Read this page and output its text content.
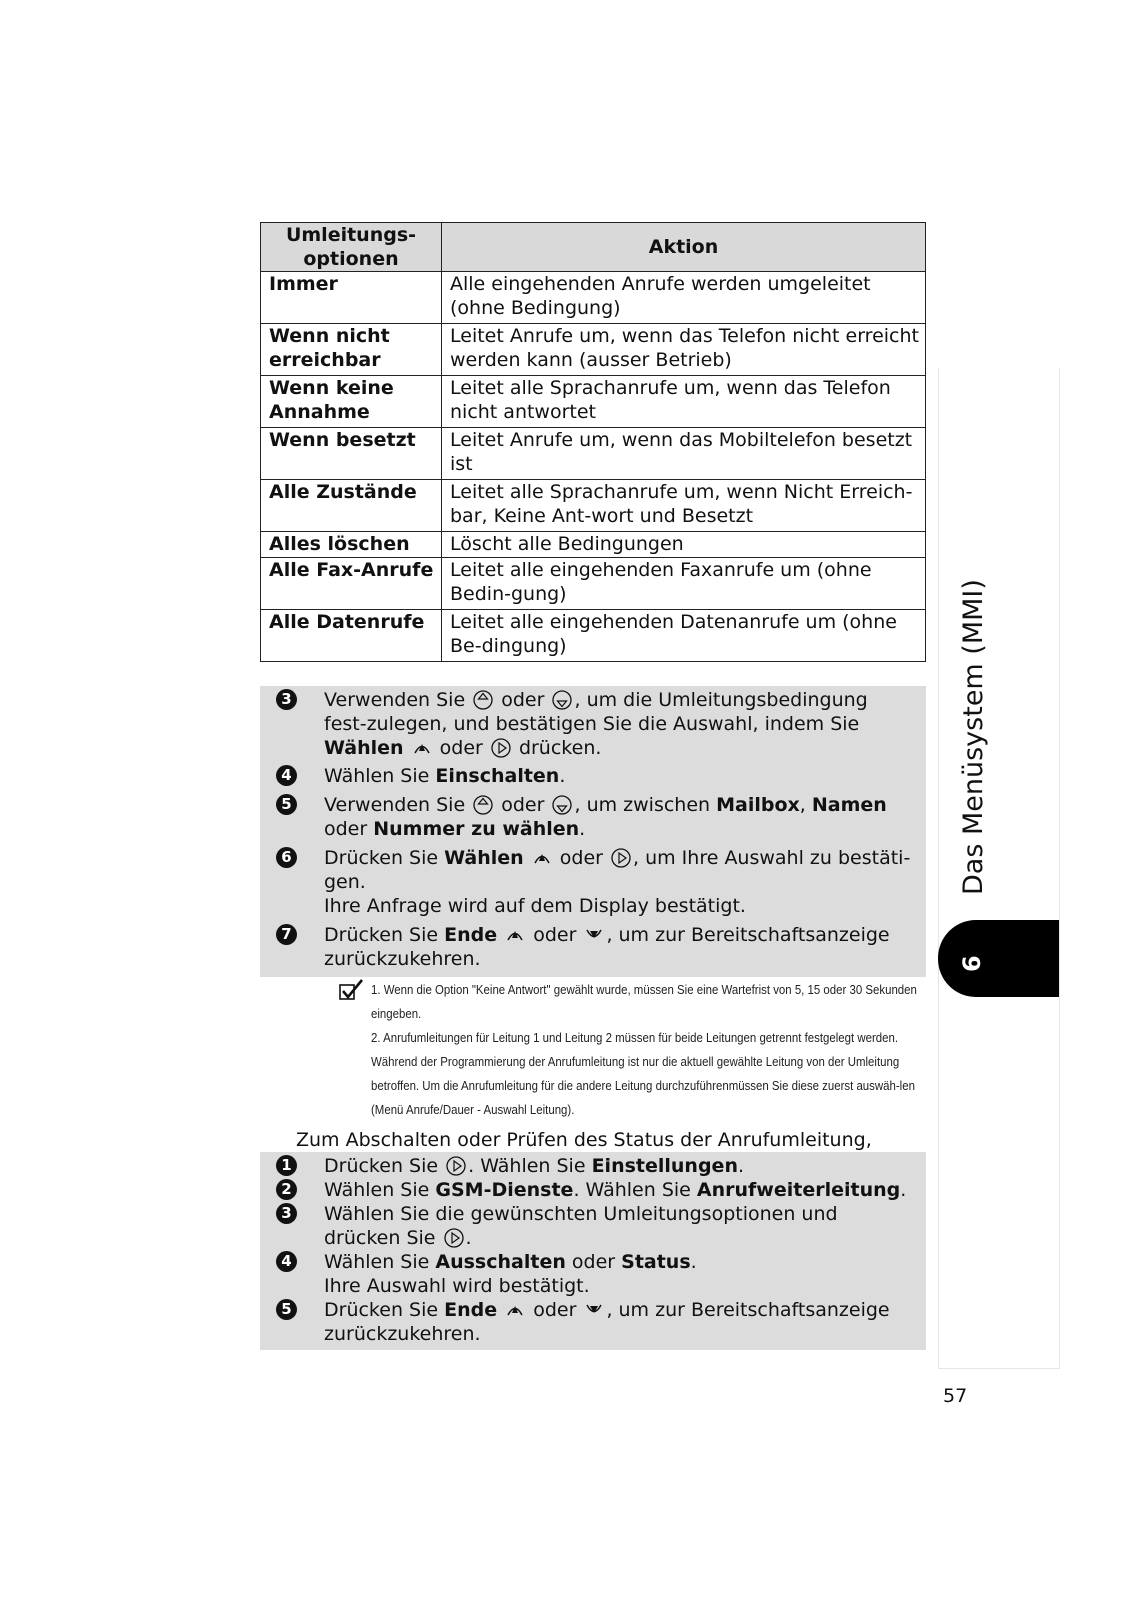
Umleitungs-optionen	Aktion
Immer	Alle eingehenden Anrufe werden umgeleitet (ohne Bedingung)
Wenn nicht erreichbar	Leitet Anrufe um, wenn das Telefon nicht erreicht werden kann (ausser Betrieb)
Wenn keine Annahme	Leitet alle Sprachanrufe um, wenn das Telefon nicht antwortet
Wenn besetzt	Leitet Anrufe um, wenn das Mobiltelefon besetzt ist
Alle Zustände	Leitet alle Sprachanrufe um, wenn Nicht Erreich-bar, Keine Ant-wort und Besetzt
Alles löschen	Löscht alle Bedingungen
Alle Fax-Anrufe	Leitet alle eingehenden Faxanrufe um (ohne Bedin-gung)
Alle Datenrufe	Leitet alle eingehenden Datenanrufe um (ohne Be-dingung)
3 Verwenden Sie oder , um die Umleitungsbedingung fest-zulegen, und bestätigen Sie die Auswahl, indem Sie Wählen oder drücken.
4 Wählen Sie Einschalten.
5 Verwenden Sie oder , um zwischen Mailbox, Namen oder Nummer zu wählen.
6 Drücken Sie Wählen oder , um Ihre Auswahl zu bestäti-gen.
Ihre Anfrage wird auf dem Display bestätigt.
7 Drücken Sie Ende oder , um zur Bereitschaftsanzeige zurückzukehren.
1. Wenn die Option "Keine Antwort" gewählt wurde, müssen Sie eine Wartefrist von 5, 15 oder 30 Sekunden eingeben.
2. Anrufumleitungen für Leitung 1 und Leitung 2 müssen für beide Leitungen getrennt festgelegt werden. Während der Programmierung der Anrufumleitung ist nur die aktuell gewählte Leitung von der Umleitung betroffen. Um die Anrufumleitung für die andere Leitung durchzuführenmüssen Sie diese zuerst auswäh-len (Menü Anrufe/Dauer - Auswahl Leitung).
Zum Abschalten oder Prüfen des Status der Anrufumleitung,
1 Drücken Sie . Wählen Sie Einstellungen.
2 Wählen Sie GSM-Dienste. Wählen Sie Anrufweiterleitung.
3 Wählen Sie die gewünschten Umleitungsoptionen und drücken Sie .
4 Wählen Sie Ausschalten oder Status.
Ihre Auswahl wird bestätigt.
5 Drücken Sie Ende oder , um zur Bereitschaftsanzeige zurückzukehren.
Das Menüsystem (MMI)
6
57
